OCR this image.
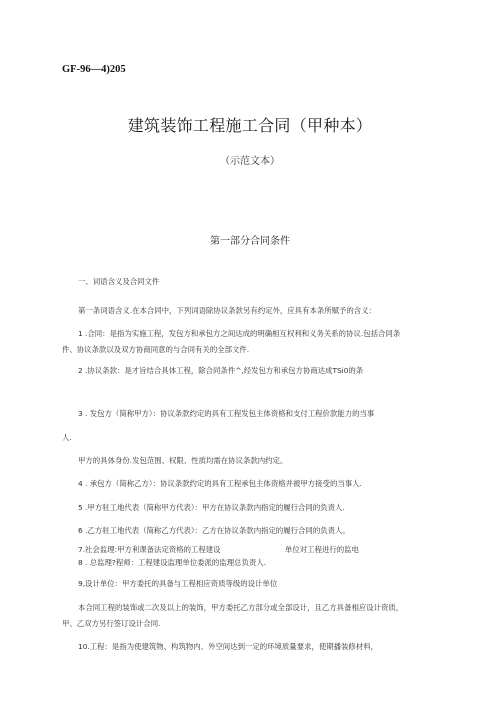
GF-96—4)205
建筑装饰工程施工合同（甲种本）
（示范文本）
第一部分合同条件
一、词语含义及合同文件
第一条词语含义.在本合同中，下列词语除协议条款另有约定外，应具有本条所赋予的含义：
1 .合同：是指为实施工程，发包方和承包方之间达成的明确相互权利和义务关系的协议.包括合同条
件、协议条款以及双方协商同意的与合同有关的全部文件.
2 .协议条款：是才旨结合具体工程，除合同条件^,经发包方和承包方协商达成TSi0的条
3 . 发包方（简称甲方）：协议条款约定的具有工程发包主体资格和支付工程价款能力的当事
人.
甲方的具体身份.发包范围、权限、性质均需在协议条款内约定。
4 . 承包方（简称乙方）：协议条款约定的具有工程承包主体资格并被甲方接受的当事人.
5 .甲方驻工地代表（简称甲方代表）：甲方在协议条款内指定的履行合同的负责人.
6 .乙方驻工地代表（简称乙方代表）：乙方在协议条款内指定的履行合同的负责人。
7.社会监理:甲方利课备法定资格的工程建设	单位对工程进行的监电
8 . 总监理?程师：工程建设监理单位委派的监理总负责人.
9,设计单位：甲方委托的具备与工程相应资质等级的设计单位
本合同工程的装饰或二次及以上的装饰，甲方委托乙方部分或全部设计，且乙方具备相应设计资质，
甲、乙双方另行签订设计合同.
10.工程：是指为使建筑物、构筑物内、外空间达到一定的环境质量要求，使期播装修材料，
